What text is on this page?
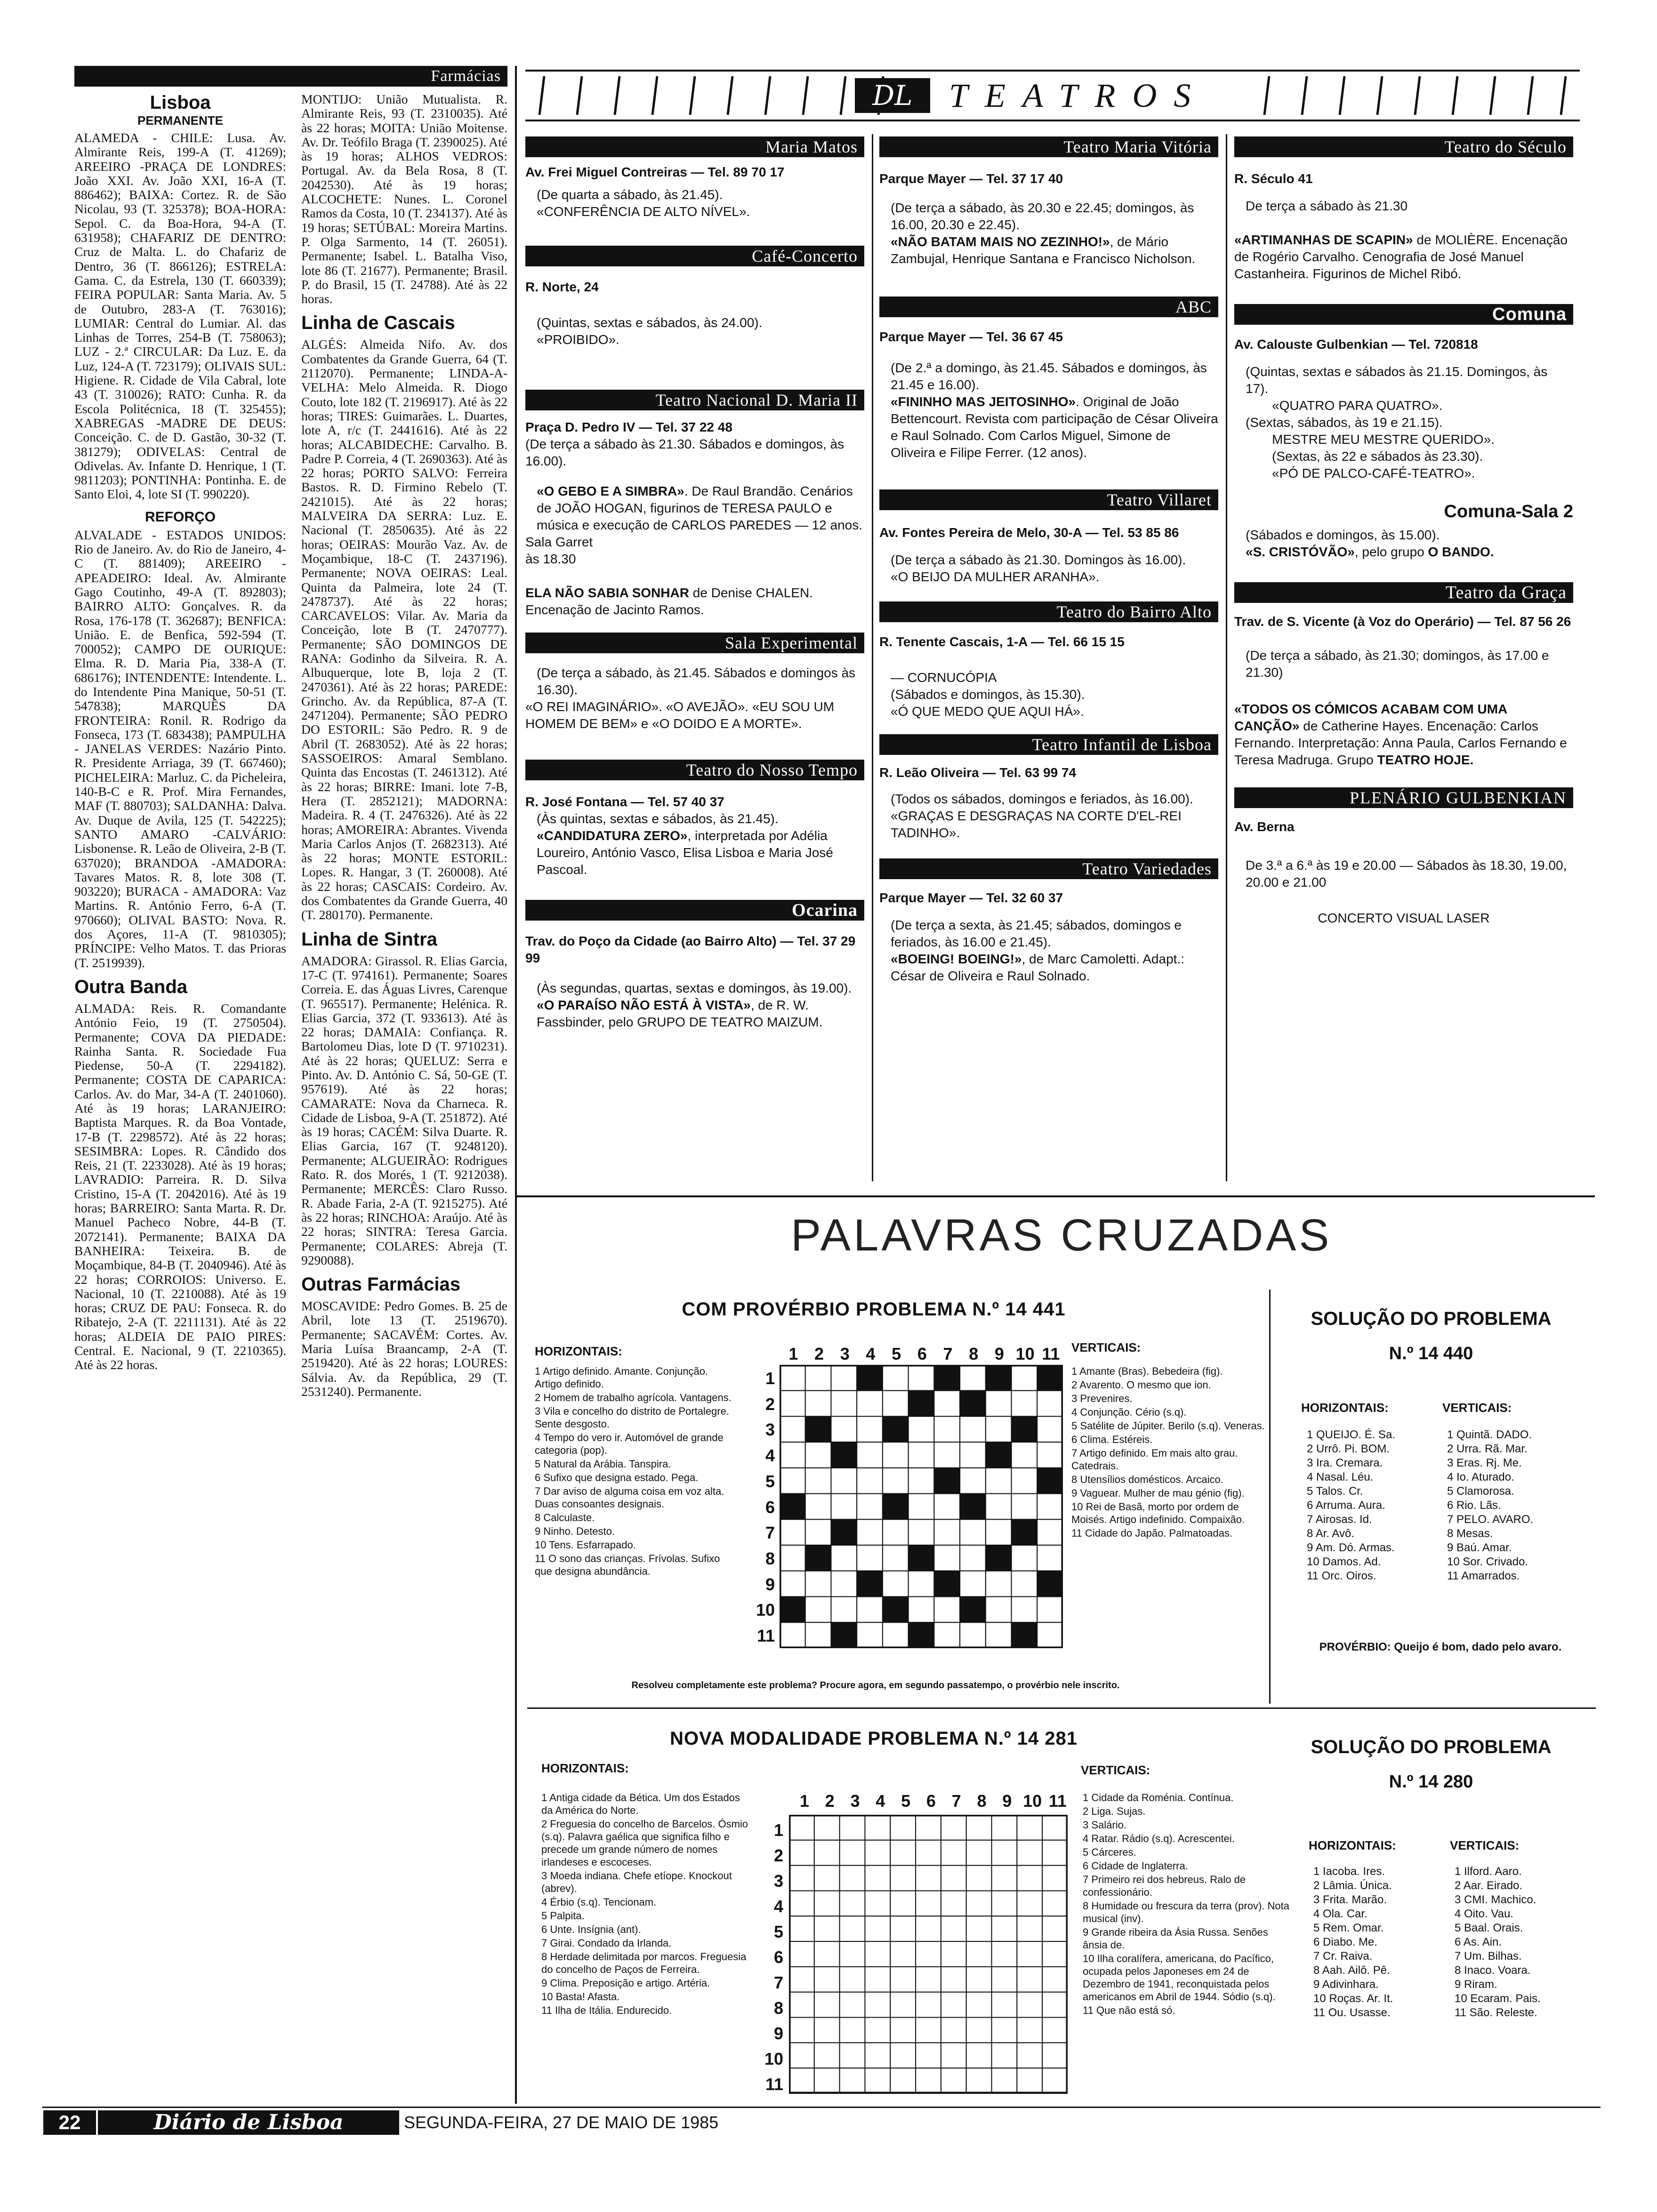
Farmácias
Lisboa
PERMANENTE
ALAMEDA - CHILE: Lusa. Av. Almirante Reis, 199-A (T. 41269); AREEIRO -PRAÇA DE LONDRES: João XXI. Av. João XXI, 16-A (T. 886462); BAIXA: Cortez. R. de São Nicolau, 93 (T. 325378); BOA-HORA: Sepol. C. da Boa-Hora, 94-A (T. 631958); CHAFARIZ DE DENTRO: Cruz de Malta. L. do Chafariz de Dentro, 36 (T. 866126); ESTRELA: Gama. C. da Estrela, 130 (T. 660339); FEIRA POPULAR: Santa Maria. Av. 5 de Outubro, 283-A (T. 763016); LUMIAR: Central do Lumiar. Al. das Linhas de Torres, 254-B (T. 758063); LUZ - 2.ª CIRCULAR: Da Luz. E. da Luz, 124-A (T. 723179); OLIVAIS SUL: Higiene. R. Cidade de Vila Cabral, lote 43 (T. 310026); RATO: Cunha. R. da Escola Politécnica, 18 (T. 325455); XABREGAS -MADRE DE DEUS: Conceição. C. de D. Gastão, 30-32 (T. 381279); ODIVELAS: Central de Odivelas. Av. Infante D. Henrique, 1 (T. 9811203); PONTINHA: Pontinha. E. de Santo Eloi, 4, lote SI (T. 990220).
REFORÇO
ALVALADE - ESTADOS UNIDOS: Rio de Janeiro. Av. do Rio de Janeiro, 4-C (T. 881409); AREEIRO -APEADEIRO: Ideal. Av. Almirante Gago Coutinho, 49-A (T. 892803); BAIRRO ALTO: Gonçalves. R. da Rosa, 176-178 (T. 362687); BENFICA: União. E. de Benfica, 592-594 (T. 700052); CAMPO DE OURIQUE: Elma. R. D. Maria Pia, 338-A (T. 686176); INTENDENTE: Intendente. L. do Intendente Pina Manique, 50-51 (T. 547838); MARQUÊS DA FRONTEIRA: Ronil. R. Rodrigo da Fonseca, 173 (T. 683438); PAMPULHA - JANELAS VERDES: Nazário Pinto. R. Presidente Arriaga, 39 (T. 667460); PICHELEIRA: Marluz. C. da Picheleira, 140-B-C e R. Prof. Mira Fernandes, MAF (T. 880703); SALDANHA: Dalva. Av. Duque de Avila, 125 (T. 542225); SANTO AMARO -CALVÁRIO: Lisbonense. R. Leão de Oliveira, 2-B (T. 637020); BRANDOA -AMADORA: Tavares Matos. R. 8, lote 308 (T. 903220); BURACA - AMADORA: Vaz Martins. R. António Ferro, 6-A (T. 970660); OLIVAL BASTO: Nova. R. dos Açores, 11-A (T. 9810305); PRÍNCIPE: Velho Matos. T. das Prioras (T. 2519939).
Outra Banda
ALMADA: Reis. R. Comandante António Feio, 19 (T. 2750504). Permanente; COVA DA PIEDADE: Rainha Santa. R. Sociedade Fua Piedense, 50-A (T. 2294182). Permanente; COSTA DE CAPARICA: Carlos. Av. do Mar, 34-A (T. 2401060). Até às 19 horas; LARANJEIRO: Baptista Marques. R. da Boa Vontade, 17-B (T. 2298572). Até às 22 horas; SESIMBRA: Lopes. R. Cândido dos Reis, 21 (T. 2233028). Até às 19 horas; LAVRADIO: Parreira. R. D. Silva Cristino, 15-A (T. 2042016). Até às 19 horas; BARREIRO: Santa Marta. R. Dr. Manuel Pacheco Nobre, 44-B (T. 2072141). Permanente; BAIXA DA BANHEIRA: Teixeira. B. de Moçambique, 84-B (T. 2040946). Até às 22 horas; CORROIOS: Universo. E. Nacional, 10 (T. 2210088). Até às 19 horas; CRUZ DE PAU: Fonseca. R. do Ribatejo, 2-A (T. 2211131). Até às 22 horas; ALDEIA DE PAIO PIRES: Central. E. Nacional, 9 (T. 2210365). Até às 22 horas.
MONTIJO: União Mutualista. R. Almirante Reis, 93 (T. 2310035). Até às 22 horas; MOITA: União Moitense. Av. Dr. Teófilo Braga (T. 2390025). Até às 19 horas; ALHOS VEDROS: Portugal. Av. da Bela Rosa, 8 (T. 2042530). Até às 19 horas; ALCOCHETE: Nunes. L. Coronel Ramos da Costa, 10 (T. 234137). Até às 19 horas; SETÚBAL: Moreira Martins. P. Olga Sarmento, 14 (T. 26051). Permanente; Isabel. L. Batalha Viso, lote 86 (T. 21677). Permanente; Brasil. P. do Brasil, 15 (T. 24788). Até às 22 horas.
Linha de Cascais
ALGÉS: Almeida Nifo. Av. dos Combatentes da Grande Guerra, 64 (T. 2112070). Permanente; LINDA-A-VELHA: Melo Almeida. R. Diogo Couto, lote 182 (T. 2196917). Até às 22 horas; TIRES: Guimarães. L. Duartes, lote A, r/c (T. 2441616). Até às 22 horas; ALCABIDECHE: Carvalho. B. Padre P. Correia, 4 (T. 2690363). Até às 22 horas; PORTO SALVO: Ferreira Bastos. R. D. Firmino Rebelo (T. 2421015). Até às 22 horas; MALVEIRA DA SERRA: Luz. E. Nacional (T. 2850635). Até às 22 horas; OEIRAS: Mourão Vaz. Av. de Moçambique, 18-C (T. 2437196). Permanente; NOVA OEIRAS: Leal. Quinta da Palmeira, lote 24 (T. 2478737). Até às 22 horas; CARCAVELOS: Vilar. Av. Maria da Conceição, lote B (T. 2470777). Permanente; SÃO DOMINGOS DE RANA: Godinho da Silveira. R. A. Albuquerque, lote B, loja 2 (T. 2470361). Até às 22 horas; PAREDE: Grincho. Av. da República, 87-A (T. 2471204). Permanente; SÃO PEDRO DO ESTORIL: São Pedro. R. 9 de Abril (T. 2683052). Até às 22 horas; SASSOEIROS: Amaral Semblano. Quinta das Encostas (T. 2461312). Até às 22 horas; BIRRE: Imani. lote 7-B, Hera (T. 2852121); MADORNA: Madeira. R. 4 (T. 2476326). Até às 22 horas; AMOREIRA: Abrantes. Vivenda Maria Carlos Anjos (T. 2682313). Até às 22 horas; MONTE ESTORIL: Lopes. R. Hangar, 3 (T. 260008). Até às 22 horas; CASCAIS: Cordeiro. Av. dos Combatentes da Grande Guerra, 40 (T. 280170). Permanente.
Linha de Sintra
AMADORA: Girassol. R. Elias Garcia, 17-C (T. 974161). Permanente; Soares Correia. E. das Águas Livres, Carenque (T. 965517). Permanente; Helénica. R. Elias Garcia, 372 (T. 933613). Até às 22 horas; DAMAIA: Confiança. R. Bartolomeu Dias, lote D (T. 9710231). Até às 22 horas; QUELUZ: Serra e Pinto. Av. D. António C. Sá, 50-GE (T. 957619). Até às 22 horas; CAMARATE: Nova da Charneca. R. Cidade de Lisboa, 9-A (T. 251872). Até às 19 horas; CACÉM: Silva Duarte. R. Elias Garcia, 167 (T. 9248120). Permanente; ALGUEIRÃO: Rodrigues Rato. R. dos Morés, 1 (T. 9212038). Permanente; MERCÊS: Claro Russo. R. Abade Faria, 2-A (T. 9215275). Até às 22 horas; RINCHOA: Araújo. Até às 22 horas; SINTRA: Teresa Garcia. Permanente; COLARES: Abreja (T. 9290088).
Outras Farmácias
MOSCAVIDE: Pedro Gomes. B. 25 de Abril, lote 13 (T. 2519670). Permanente; SACAVÉM: Cortes. Av. Maria Luísa Braancamp, 2-A (T. 2519420). Até às 22 horas; LOURES: Sálvia. Av. da República, 29 (T. 2531240). Permanente.
DL	TEATROS
Maria Matos
Av. Frei Miguel Contreiras — Tel. 89 70 17
(De quarta a sábado, às 21.45).
«CONFERÊNCIA DE ALTO NÍVEL».
Café-Concerto
R. Norte, 24
(Quintas, sextas e sábados, às 24.00).
«PROIBIDO».
Teatro Nacional D. Maria II
Praça D. Pedro IV — Tel. 37 22 48
(De terça a sábado às 21.30. Sábados e domingos, às 16.00).
«O GEBO E A SIMBRA». De Raul Brandão. Cenários de JOÃO HOGAN, figurinos de TERESA PAULO e música e execução de CARLOS PAREDES — 12 anos.
Sala Garret
às 18.30
ELA NÃO SABIA SONHAR de Denise CHALEN. Encenação de Jacinto Ramos.
Sala Experimental
(De terça a sábado, às 21.45. Sábados e domingos às 16.30).
«O REI IMAGINÁRIO». «O AVEJÃO». «EU SOU UM HOMEM DE BEM» e «O DOIDO E A MORTE».
Teatro do Nosso Tempo
R. José Fontana — Tel. 57 40 37
(Às quintas, sextas e sábados, às 21.45).
«CANDIDATURA ZERO», interpretada por Adélia Loureiro, António Vasco, Elisa Lisboa e Maria José Pascoal.
Ocarina
Trav. do Poço da Cidade (ao Bairro Alto) — Tel. 37 29 99
(Às segundas, quartas, sextas e domingos, às 19.00).
«O PARAÍSO NÃO ESTÁ À VISTA», de R. W. Fassbinder, pelo GRUPO DE TEATRO MAIZUM.
Teatro Maria Vitória
Parque Mayer — Tel. 37 17 40
(De terça a sábado, às 20.30 e 22.45; domingos, às 16.00, 20.30 e 22.45).
«NÃO BATAM MAIS NO ZEZINHO!», de Mário Zambujal, Henrique Santana e Francisco Nicholson.
ABC
Parque Mayer — Tel. 36 67 45
(De 2.ª a domingo, às 21.45. Sábados e domingos, às 21.45 e 16.00).
«FININHO MAS JEITOSINHO». Original de João Bettencourt. Revista com participação de César Oliveira e Raul Solnado. Com Carlos Miguel, Simone de Oliveira e Filipe Ferrer. (12 anos).
Teatro Villaret
Av. Fontes Pereira de Melo, 30-A — Tel. 53 85 86
(De terça a sábado às 21.30. Domingos às 16.00).
«O BEIJO DA MULHER ARANHA».
Teatro do Bairro Alto
R. Tenente Cascais, 1-A — Tel. 66 15 15
— CORNUCÓPIA
(Sábados e domingos, às 15.30).
«Ó QUE MEDO QUE AQUI HÁ».
Teatro Infantil de Lisboa
R. Leão Oliveira — Tel. 63 99 74
(Todos os sábados, domingos e feriados, às 16.00).
«GRAÇAS E DESGRAÇAS NA CORTE D'EL-REI TADINHO».
Teatro Variedades
Parque Mayer — Tel. 32 60 37
(De terça a sexta, às 21.45; sábados, domingos e feriados, às 16.00 e 21.45).
«BOEING! BOEING!», de Marc Camoletti. Adapt.: César de Oliveira e Raul Solnado.
Teatro do Século
R. Século 41
De terça a sábado às 21.30
«ARTIMANHAS DE SCAPIN» de MOLIÈRE. Encenação de Rogério Carvalho. Cenografia de José Manuel Castanheira. Figurinos de Michel Ribó.
Comuna
Av. Calouste Gulbenkian — Tel. 720818
(Quintas, sextas e sábados às 21.15. Domingos, às 17).
«QUATRO PARA QUATRO».
(Sextas, sábados, às 19 e 21.15).
MESTRE MEU MESTRE QUERIDO».
(Sextas, às 22 e sábados às 23.30).
«PÓ DE PALCO-CAFÉ-TEATRO».
Comuna-Sala 2
(Sábados e domingos, às 15.00).
«S. CRISTÓVÃO», pelo grupo O BANDO.
Teatro da Graça
Trav. de S. Vicente (à Voz do Operário) — Tel. 87 56 26
(De terça a sábado, às 21.30; domingos, às 17.00 e 21.30)
«TODOS OS CÓMICOS ACABAM COM UMA CANÇÃO» de Catherine Hayes. Encenação: Carlos Fernando. Interpretação: Anna Paula, Carlos Fernando e Teresa Madruga. Grupo TEATRO HOJE.
PLENÁRIO GULBENKIAN
Av. Berna
De 3.ª a 6.ª às 19 e 20.00 — Sábados às 18.30, 19.00, 20.00 e 21.00
CONCERTO VISUAL LASER
PALAVRAS CRUZADAS
COM PROVÉRBIO PROBLEMA N.º 14 441
HORIZONTAIS:	VERTICAIS:
1 Artigo definido. Amante. Conjunção. Artigo definido.
2 Homem de trabalho agrícola. Vantagens.
3 Vila e concelho do distrito de Portalegre. Sente desgosto.
4 Tempo do vero ir. Automóvel de grande categoria (pop).
5 Natural da Arábia. Tanspira.
6 Sufixo que designa estado. Pega.
7 Dar aviso de alguma coisa em voz alta. Duas consoantes designais.
8 Calculaste.
9 Ninho. Detesto.
10 Tens. Esfarrapado.
11 O sono das crianças. Frívolas. Sufixo que designa abundância.
1 Amante (Bras). Bebedeira (fig).
2 Avarento. O mesmo que ion.
3 Prevenires.
4 Conjunção. Cério (s.q).
5 Satélite de Júpiter. Berilo (s.q). Veneras.
6 Clima. Estéreis.
7 Artigo definido. Em mais alto grau. Catedrais.
8 Utensílios domésticos. Arcaico.
9 Vaguear. Mulher de mau génio (fig).
10 Rei de Basã, morto por ordem de Moisés. Artigo indefinido. Compaixão.
11 Cidade do Japão. Palmatoadas.
1 2 3 4 5 6 7 8 9 10 11
1
2
3
4
5
6
7
8
9
10
11
Resolveu completamente este problema? Procure agora, em segundo passatempo, o provérbio nele inscrito.
SOLUÇÃO DO PROBLEMA
N.º 14 440
HORIZONTAIS:	VERTICAIS:
1 QUEIJO. É. Sa.
2 Urrô. Pi. BOM.
3 Ira. Cremara.
4 Nasal. Léu.
5 Talos. Cr.
6 Arruma. Aura.
7 Airosas. Id.
8 Ar. Avô.
9 Am. Dó. Armas.
10 Damos. Ad.
11 Orc. Oiros.
1 Quintã. DADO.
2 Urra. Rã. Mar.
3 Eras. Rj. Me.
4 Io. Aturado.
5 Clamorosa.
6 Rio. Lãs.
7 PELO. AVARO.
8 Mesas.
9 Baú. Amar.
10 Sor. Crivado.
11 Amarrados.
PROVÉRBIO: Queijo é bom, dado pelo avaro.
NOVA MODALIDADE PROBLEMA N.º 14 281
HORIZONTAIS:	VERTICAIS:
1 Antiga cidade da Bética. Um dos Estados da América do Norte.
2 Freguesia do concelho de Barcelos. Ósmio (s.q). Palavra gaélica que significa filho e precede um grande número de nomes irlandeses e escoceses.
3 Moeda indiana. Chefe etíope. Knockout (abrev).
4 Érbio (s.q). Tencionam.
5 Palpita.
6 Unte. Insígnia (ant).
7 Girai. Condado da Irlanda.
8 Herdade delimitada por marcos. Freguesia do concelho de Paços de Ferreira.
9 Clima. Preposição e artigo. Artéria.
10 Basta! Afasta.
11 Ilha de Itália. Endurecido.
1 Cidade da Roménia. Contínua.
2 Liga. Sujas.
3 Salário.
4 Ratar. Rádio (s.q). Acrescentei.
5 Cárceres.
6 Cidade de Inglaterra.
7 Primeiro rei dos hebreus. Ralo de confessionário.
8 Humidade ou frescura da terra (prov). Nota musical (inv).
9 Grande ribeira da Ásia Russa. Senões ânsia de.
10 Ilha coralífera, americana, do Pacífico, ocupada pelos Japoneses em 24 de Dezembro de 1941, reconquistada pelos americanos em Abril de 1944. Sódio (s.q).
11 Que não está só.
1 2 3 4 5 6 7 8 9 10 11
1
2
3
4
5
6
7
8
9
10
11
SOLUÇÃO DO PROBLEMA
N.º 14 280
HORIZONTAIS:	VERTICAIS:
1 Iacoba. Ires.
2 Lâmia. Única.
3 Frita. Marão.
4 Ola. Car.
5 Rem. Omar.
6 Diabo. Me.
7 Cr. Raiva.
8 Aah. Ailô. Pê.
9 Adivinhara.
10 Roças. Ar. It.
11 Ou. Usasse.
1 Ilford. Aaro.
2 Aar. Eirado.
3 CMI. Machico.
4 Oito. Vau.
5 Baal. Orais.
6 As. Ain.
7 Um. Bilhas.
8 Inaco. Voara.
9 Riram.
10 Ecaram. Pais.
11 São. Releste.
22	Diário de Lisboa	SEGUNDA-FEIRA, 27 DE MAIO DE 1985
